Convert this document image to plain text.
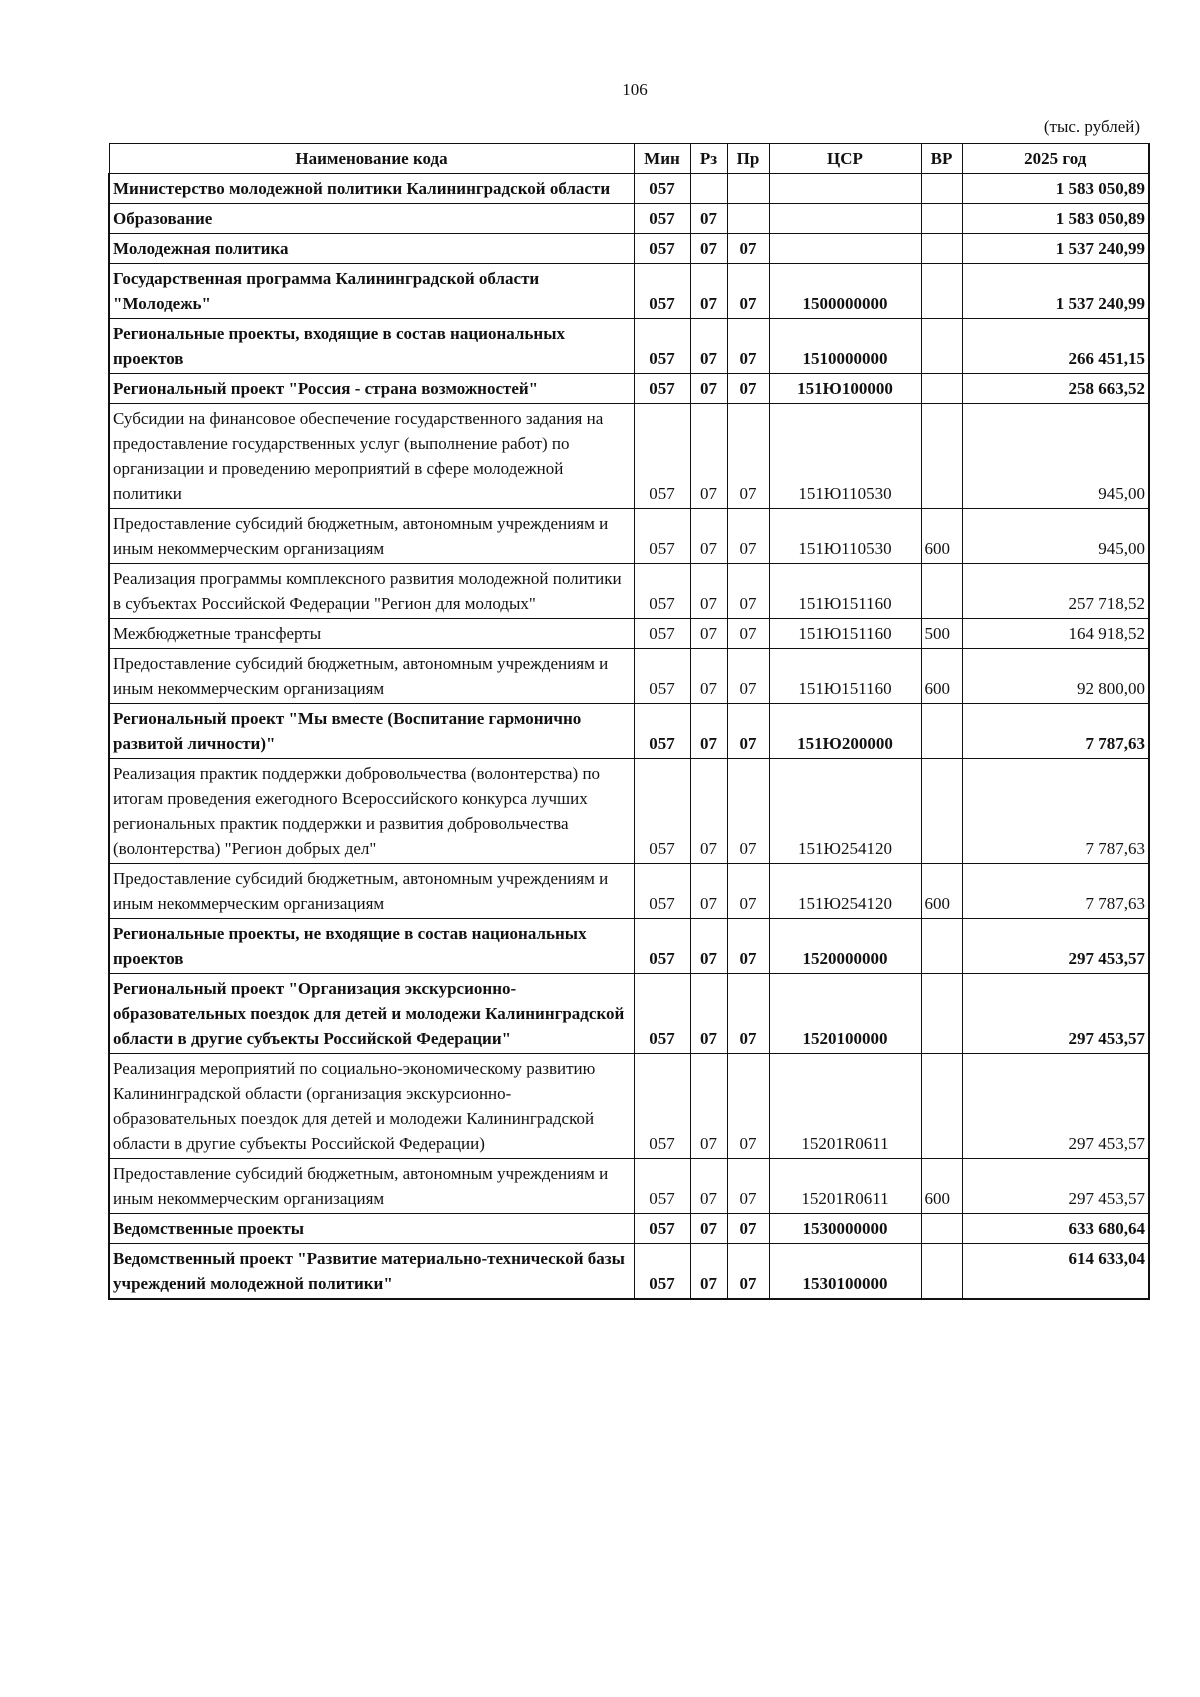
106
(тыс. рублей)
Наименование кода	Мин	Рз	Пр	ЦСР	ВР	2025 год
Министерство молодежной политики Калининградской области	057					1 583 050,89
Образование	057	07				1 583 050,89
Молодежная политика	057	07	07			1 537 240,99
Государственная программа Калининградской области "Молодежь"	057	07	07	1500000000		1 537 240,99
Региональные проекты, входящие в состав национальных проектов	057	07	07	1510000000		266 451,15
Региональный проект "Россия - страна возможностей"	057	07	07	151Ю100000		258 663,52
Субсидии на финансовое обеспечение государственного задания на предоставление государственных услуг (выполнение работ) по организации и проведению мероприятий в сфере молодежной политики	057	07	07	151Ю110530		945,00
Предоставление субсидий бюджетным, автономным учреждениям и иным некоммерческим организациям	057	07	07	151Ю110530	600	945,00
Реализация программы комплексного развития молодежной политики в субъектах Российской Федерации "Регион для молодых"	057	07	07	151Ю151160		257 718,52
Межбюджетные трансферты	057	07	07	151Ю151160	500	164 918,52
Предоставление субсидий бюджетным, автономным учреждениям и иным некоммерческим организациям	057	07	07	151Ю151160	600	92 800,00
Региональный проект "Мы вместе (Воспитание гармонично развитой личности)"	057	07	07	151Ю200000		7 787,63
Реализация практик поддержки добровольчества (волонтерства) по итогам проведения ежегодного Всероссийского конкурса лучших региональных практик поддержки и развития добровольчества (волонтерства) "Регион добрых дел"	057	07	07	151Ю254120		7 787,63
Предоставление субсидий бюджетным, автономным учреждениям и иным некоммерческим организациям	057	07	07	151Ю254120	600	7 787,63
Региональные проекты, не входящие в состав национальных проектов	057	07	07	1520000000		297 453,57
Региональный проект "Организация экскурсионно-образовательных поездок для детей и молодежи Калининградской области в другие субъекты Российской Федерации"	057	07	07	1520100000		297 453,57
Реализация мероприятий по социально-экономическому развитию Калининградской области (организация экскурсионно-образовательных поездок для детей и молодежи Калининградской области в другие субъекты Российской Федерации)	057	07	07	15201R0611		297 453,57
Предоставление субсидий бюджетным, автономным учреждениям и иным некоммерческим организациям	057	07	07	15201R0611	600	297 453,57
Ведомственные проекты	057	07	07	1530000000		633 680,64
Ведомственный проект "Развитие материально-технической базы учреждений молодежной политики"	057	07	07	1530100000		614 633,04
